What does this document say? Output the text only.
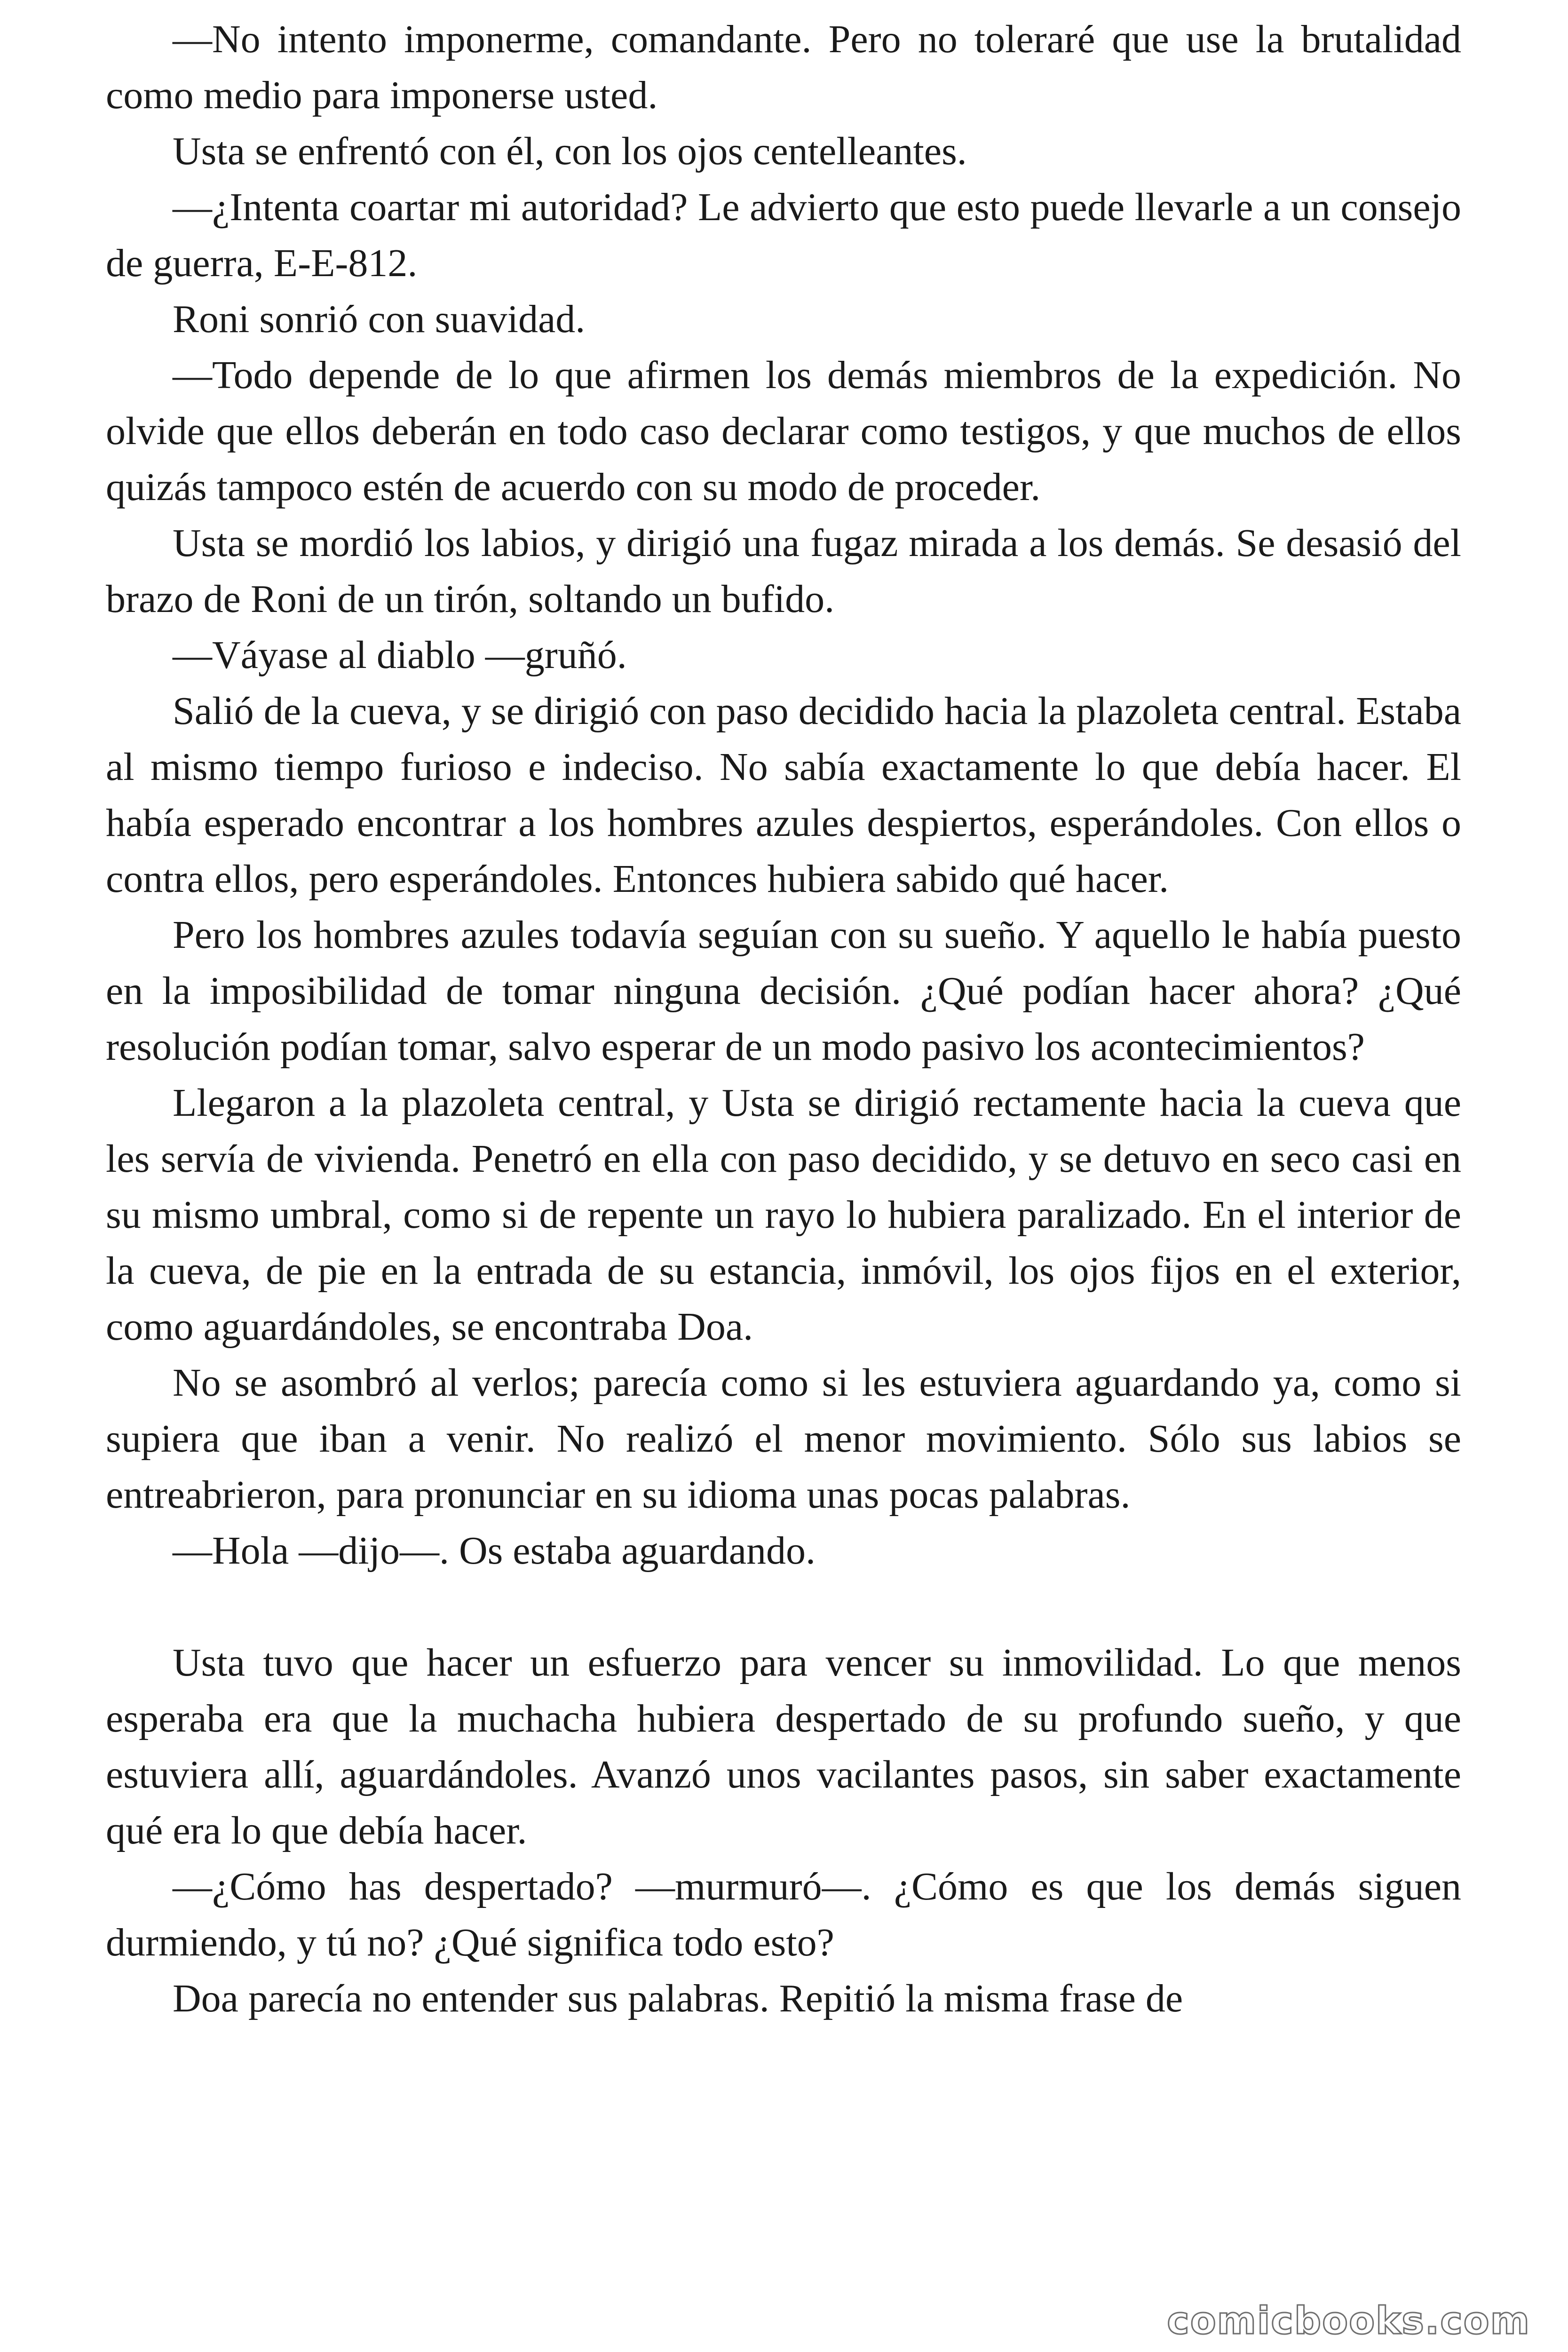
—No intento imponerme, comandante. Pero no toleraré que use la brutalidad como medio para imponerse usted.

Usta se enfrentó con él, con los ojos centelleantes.

—¿Intenta coartar mi autoridad? Le advierto que esto puede llevarle a un consejo de guerra, E-E-812.

Roni sonrió con suavidad.

—Todo depende de lo que afirmen los demás miembros de la expedición. No olvide que ellos deberán en todo caso declarar como testigos, y que muchos de ellos quizás tampoco estén de acuerdo con su modo de proceder.

Usta se mordió los labios, y dirigió una fugaz mirada a los demás. Se desasió del brazo de Roni de un tirón, soltando un bufido.

—Váyase al diablo —gruñó.

Salió de la cueva, y se dirigió con paso decidido hacia la plazoleta central. Estaba al mismo tiempo furioso e indeciso. No sabía exactamente lo que debía hacer. El había esperado encontrar a los hombres azules despiertos, esperándoles. Con ellos o contra ellos, pero esperándoles. Entonces hubiera sabido qué hacer.

Pero los hombres azules todavía seguían con su sueño. Y aquello le había puesto en la imposibilidad de tomar ninguna decisión. ¿Qué podían hacer ahora? ¿Qué resolución podían tomar, salvo esperar de un modo pasivo los acontecimientos?

Llegaron a la plazoleta central, y Usta se dirigió rectamente hacia la cueva que les servía de vivienda. Penetró en ella con paso decidido, y se detuvo en seco casi en su mismo umbral, como si de repente un rayo lo hubiera paralizado. En el interior de la cueva, de pie en la entrada de su estancia, inmóvil, los ojos fijos en el exterior, como aguardándoles, se encontraba Doa.

No se asombró al verlos; parecía como si les estuviera aguardando ya, como si supiera que iban a venir. No realizó el menor movimiento. Sólo sus labios se entreabrieron, para pronunciar en su idioma unas pocas palabras.

—Hola —dijo—. Os estaba aguardando.

Usta tuvo que hacer un esfuerzo para vencer su inmovilidad. Lo que menos esperaba era que la muchacha hubiera despertado de su profundo sueño, y que estuviera allí, aguardándoles. Avanzó unos vacilantes pasos, sin saber exactamente qué era lo que debía hacer.

—¿Cómo has despertado? —murmuró—. ¿Cómo es que los demás siguen durmiendo, y tú no? ¿Qué significa todo esto?

Doa parecía no entender sus palabras. Repitió la misma frase de

comicbooks.com
